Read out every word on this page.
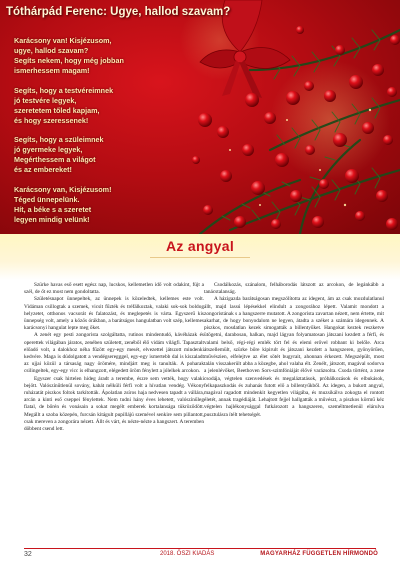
Tóthárpád Ferenc: Ugye, hallod szavam?
Karácsony van! Kisjézusom,
ugye, hallod szavam?
Segíts nekem, hogy még jobban
ismerhessem magam!
Segíts, hogy a testvéreimnek
jó testvére legyek,
szeretetem tőled kapjam,
és hogy szeressenek!
Segíts, hogy a szüleimnek
jó gyermeke legyek,
Megérthessem a világot
és az embereket!
Karácsony van, Kisjézusom!
Téged ünnepelünk.
Hít, a béke s a szeretet
legyen mindig velünk!
Az angyal

Szürke havas eső esett egész nap, lucskos, kellemetlen idő volt odakint, fújt a szél, de őt ez most nem gondoltatta.

Születésnapot ünnepeltek, az ünnepek is közeledtek, kellemes este volt. Vidáman csillogtak a szemek, vicsit fűzték és tréfálkoztak, valaki sok-sok boldog helyzetet, otthonos vacsorát és falatozást, és meglepetés is várta. Egyszerű kis ünnepség volt, amely a közös órákban, a barátságos hangulatban volt szép, kellemes karácsonyi hangulat lepte meg őket.

A zenét egy pesti zongorista szolgáltatta, rutinos mindentudó, kávéházak és operettek világában járatos, zenében született, zenéből élő vidám világfi. Tapasztalt előadó volt, a dalokhoz néha fűzött egy-egy mesét, elvezettel játszott mindenki kedvére. Maga is dúdolgatott a vendégseregggel, egy-egy ismertebb dal is kiszaladt az ujjai közül a társaság nagy örömére, mindjárt meg is tanulták. A poharak csilingeltek, egy-egy vicc is elhangzott, elégedett öröm fénylett a jólelkek arcokon.

Egyszer csak hirtelen hideg áradt a terembe, észre sem vették, hogy valaki bejött. Valószínűtlenül sovány, kabát nélküli férfi volt a hívatlan vendég. Vékony ruházatát piszkos foltok tarkították. Ápolatlan zsíros haja nedvesen tapadt a vállára, arcán a kinti eső cseppei fénylettek. Nem tudni hány éves lehetett, valószínűleg fiatal, de bőrén és vonásain a sokat megélt emberek kortalansága tükröződött. Megállt a szoba közepén, furcsán kitágult pupillájú szemével senkire sem pillantott, csak mereven a zongorára nézett. Állt és várt, és nézte-nézte a hangszert. A teremben döbbent csend lett.

Csodálkozás, szánalom, felháborodás látszott az arcokon, de legánkább a tanácstalanság.

A házigazda barátságosan megszólította az idegent, ám az csak mozdulatlanul állt, majd lassú lépésekkel elindult a zongorához lépett. Valamit mondott a zongoristának s a hangszerre mutatott. A zongorista zavartan nézett, nem értette, mit akarhat, de hogy bonyodalom ne legyen, átadta a széket a számára idegennek. A piszkos, mosdatlan kezek simogatták a billentyűket. Hangokat keztek reszketve ütögetni, darabosan, halkan, majd lágyan folyamatosan játszani kezdett a férfi, és valami belső, régi-régi emlék tört fel és elemi erővel robbant ki belőle. Arca átszellemült, szürke bőre kipirult és játszani kezdett a hangszeren, gyönyörűen, művészien, elfelejtve az élet sötét bugyrait, ahonnan érkezett. Megszépült, most talán visszakerült abba a közegbe, ahol valaha élt. Zenélt, játszott, magával sodorva a jelenlévőket, Beethoven Sors-szimfóniáját élővé varázsolta. Csoda történt, a zene csodája, végtelen szenvedések és megaláztatások, próbálkozások és elbukások, felkapaszkodás és zuhanás futott elő a billentyűkből. Az idegen, a bukott angyal, magával ragadott mindenkit kegyetlen világába, és muzsikálva zokogta el rontott életét, annak tragédiáját. Lehajtott fejjel hallgatták a művészt, a piszkos körmű kéz végtelen hajlékonysággal futkározott a hangszeren, személtmetlenül elárulva pusztulásra ítélt tehetségét.

32	2018. ŐSZI KIADÁS	MAGYARHÁZ FÜGGETLEN HÍRMONDÓ
